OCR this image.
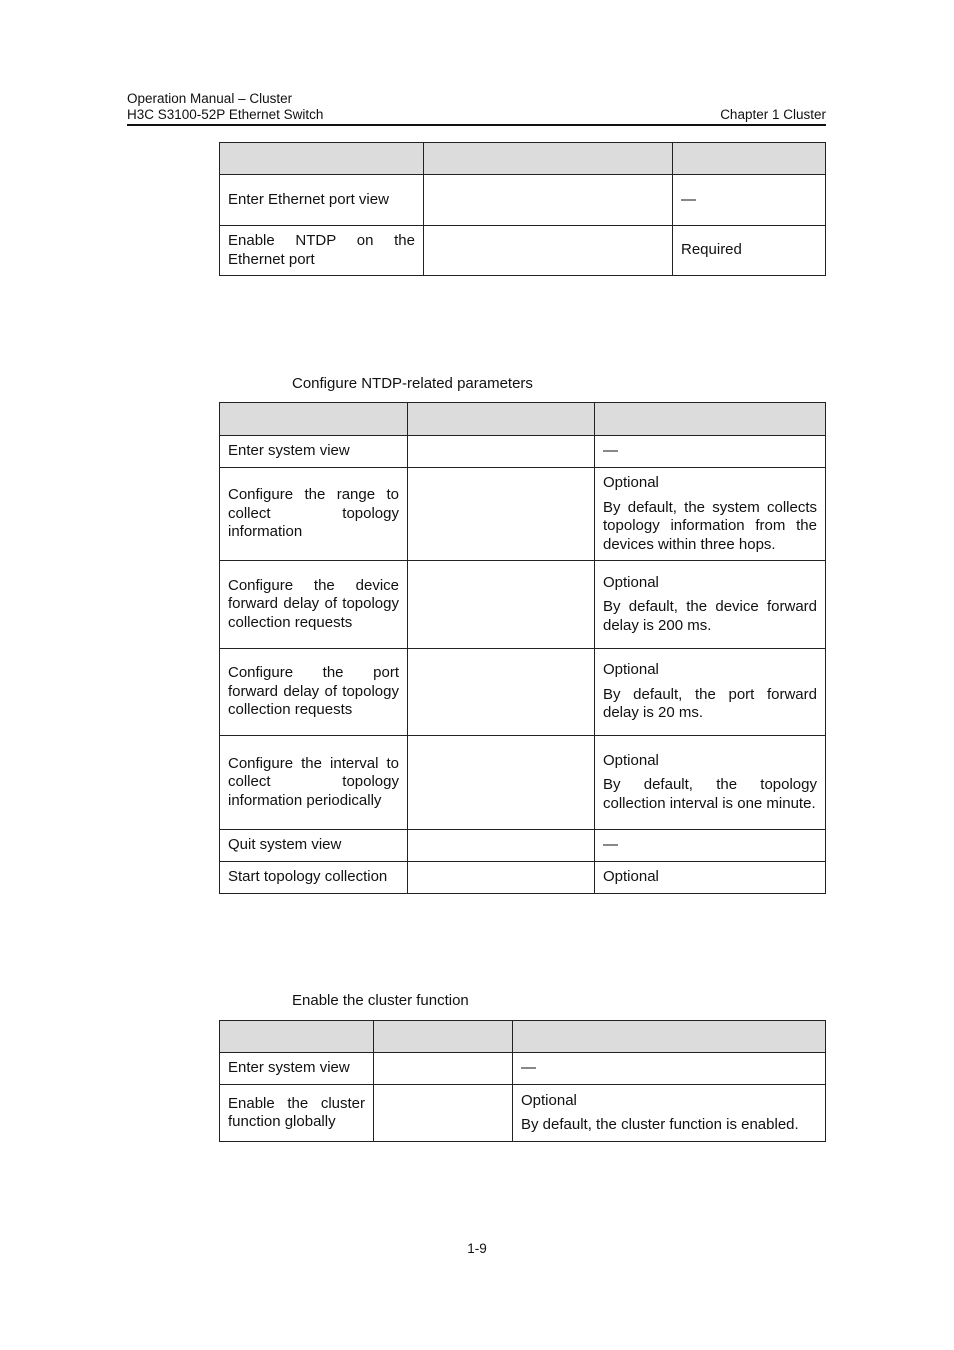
Operation Manual – Cluster
H3C S3100-52P Ethernet Switch	Chapter 1 Cluster

Enter Ethernet port view		—
Enable NTDP on the Ethernet port		Required
Configure NTDP-related parameters

Enter system view		—
Configure the range to collect topology information		Optional
By default, the system collects topology information from the devices within three hops.

Configure the device forward delay of topology collection requests		Optional
By default, the device forward delay is 200 ms.

Configure the port forward delay of topology collection requests		Optional
By default, the port forward delay is 20 ms.

Configure the interval to collect topology information periodically		Optional
By default, the topology collection interval is one minute.

Quit system view		—
Start topology collection		Optional
Enable the cluster function

Enter system view		—
Enable the cluster function globally		Optional
By default, the cluster function is enabled.
1-9
